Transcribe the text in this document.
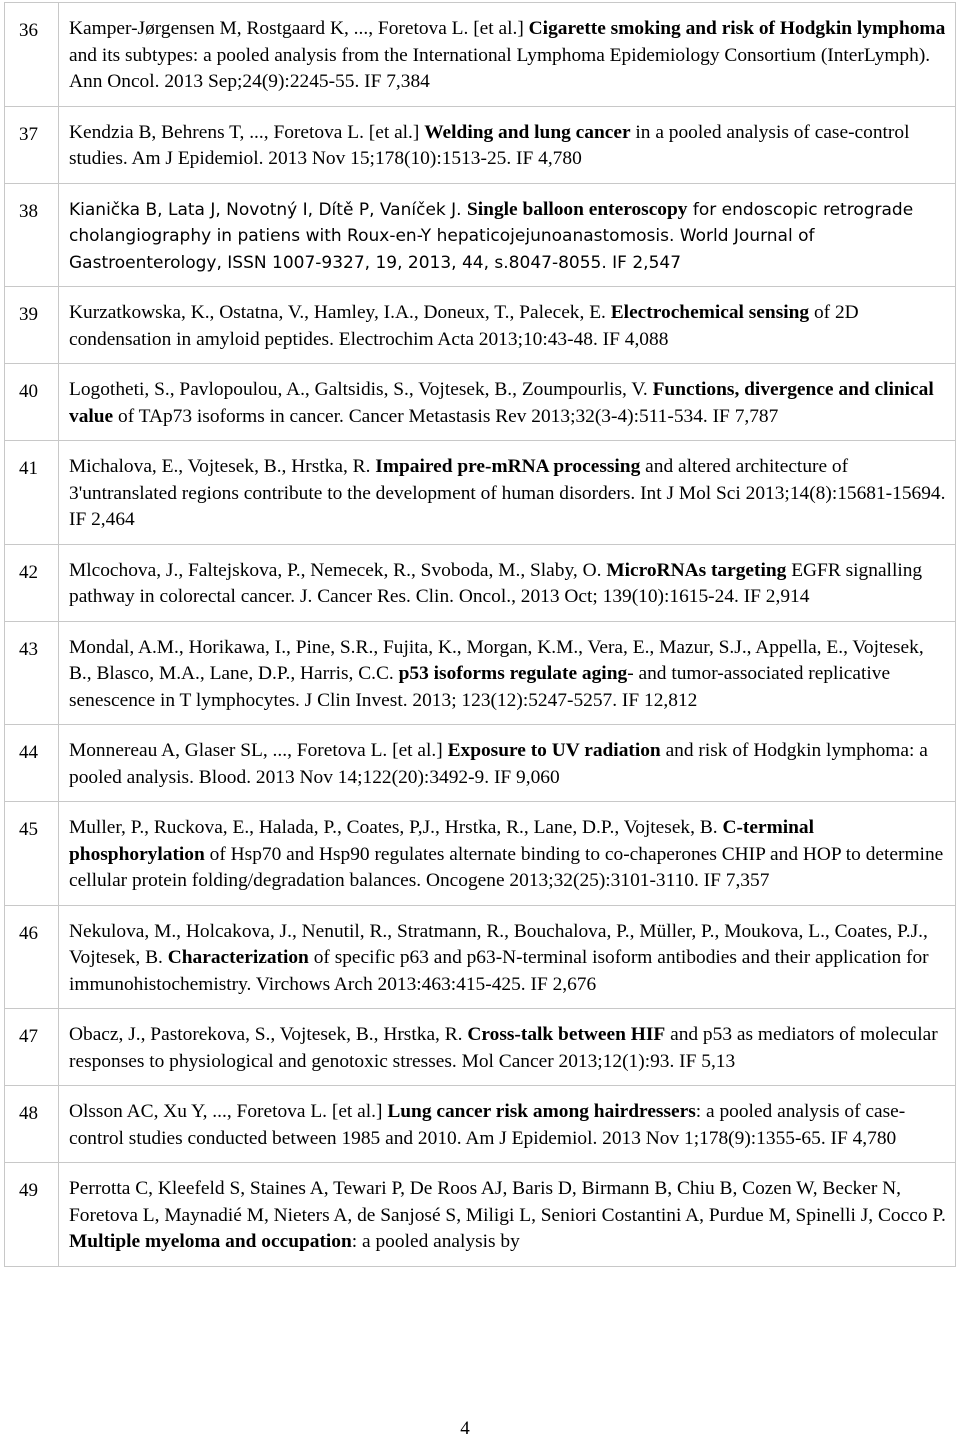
36	Kamper-Jørgensen M, Rostgaard K, ..., Foretova L. [et al.] Cigarette smoking and risk of Hodgkin lymphoma and its subtypes: a pooled analysis from the International Lymphoma Epidemiology Consortium (InterLymph). Ann Oncol. 2013 Sep;24(9):2245-55. IF 7,384
37	Kendzia B, Behrens T, ..., Foretova L. [et al.] Welding and lung cancer in a pooled analysis of case-control studies. Am J Epidemiol. 2013 Nov 15;178(10):1513-25. IF 4,780
38	Kianička B, Lata J, Novotný I, Dítě P, Vaníček J. Single balloon enteroscopy for endoscopic retrograde cholangiography in patiens with Roux-en-Y hepaticojejunoanastomosis. World Journal of Gastroenterology, ISSN 1007-9327, 19, 2013, 44, s.8047-8055. IF 2,547
39	Kurzatkowska, K., Ostatna, V., Hamley, I.A., Doneux, T., Palecek, E. Electrochemical sensing of 2D condensation in amyloid peptides. Electrochim Acta 2013;10:43-48. IF 4,088
40	Logotheti, S., Pavlopoulou, A., Galtsidis, S., Vojtesek, B., Zoumpourlis, V. Functions, divergence and clinical value of TAp73 isoforms in cancer. Cancer Metastasis Rev 2013;32(3-4):511-534. IF 7,787
41	Michalova, E., Vojtesek, B., Hrstka, R. Impaired pre-mRNA processing and altered architecture of 3'untranslated regions contribute to the development of human disorders. Int J Mol Sci 2013;14(8):15681-15694. IF 2,464
42	Mlcochova, J., Faltejskova, P., Nemecek, R., Svoboda, M., Slaby, O. MicroRNAs targeting EGFR signalling pathway in colorectal cancer. J. Cancer Res. Clin. Oncol., 2013 Oct; 139(10):1615-24. IF 2,914
43	Mondal, A.M., Horikawa, I., Pine, S.R., Fujita, K., Morgan, K.M., Vera, E., Mazur, S.J., Appella, E., Vojtesek, B., Blasco, M.A., Lane, D.P., Harris, C.C. p53 isoforms regulate aging- and tumor-associated replicative senescence in T lymphocytes. J Clin Invest. 2013; 123(12):5247-5257. IF 12,812
44	Monnereau A, Glaser SL, ..., Foretova L. [et al.] Exposure to UV radiation and risk of Hodgkin lymphoma: a pooled analysis. Blood. 2013 Nov 14;122(20):3492-9. IF 9,060
45	Muller, P., Ruckova, E., Halada, P., Coates, P,J., Hrstka, R., Lane, D.P., Vojtesek, B. C-terminal phosphorylation of Hsp70 and Hsp90 regulates alternate binding to co-chaperones CHIP and HOP to determine cellular protein folding/degradation balances. Oncogene 2013;32(25):3101-3110. IF 7,357
46	Nekulova, M., Holcakova, J., Nenutil, R., Stratmann, R., Bouchalova, P., Müller, P., Moukova, L., Coates, P.J., Vojtesek, B. Characterization of specific p63 and p63-N-terminal isoform antibodies and their application for immunohistochemistry. Virchows Arch 2013:463:415-425. IF 2,676
47	Obacz, J., Pastorekova, S., Vojtesek, B., Hrstka, R. Cross-talk between HIF and p53 as mediators of molecular responses to physiological and genotoxic stresses. Mol Cancer 2013;12(1):93. IF 5,13
48	Olsson AC, Xu Y, ..., Foretova L. [et al.] Lung cancer risk among hairdressers: a pooled analysis of case-control studies conducted between 1985 and 2010. Am J Epidemiol. 2013 Nov 1;178(9):1355-65. IF 4,780
49	Perrotta C, Kleefeld S, Staines A, Tewari P, De Roos AJ, Baris D, Birmann B, Chiu B, Cozen W, Becker N, Foretova L, Maynadié M, Nieters A, de Sanjosé S, Miligi L, Seniori Costantini A, Purdue M, Spinelli J, Cocco P. Multiple myeloma and occupation: a pooled analysis by
4
